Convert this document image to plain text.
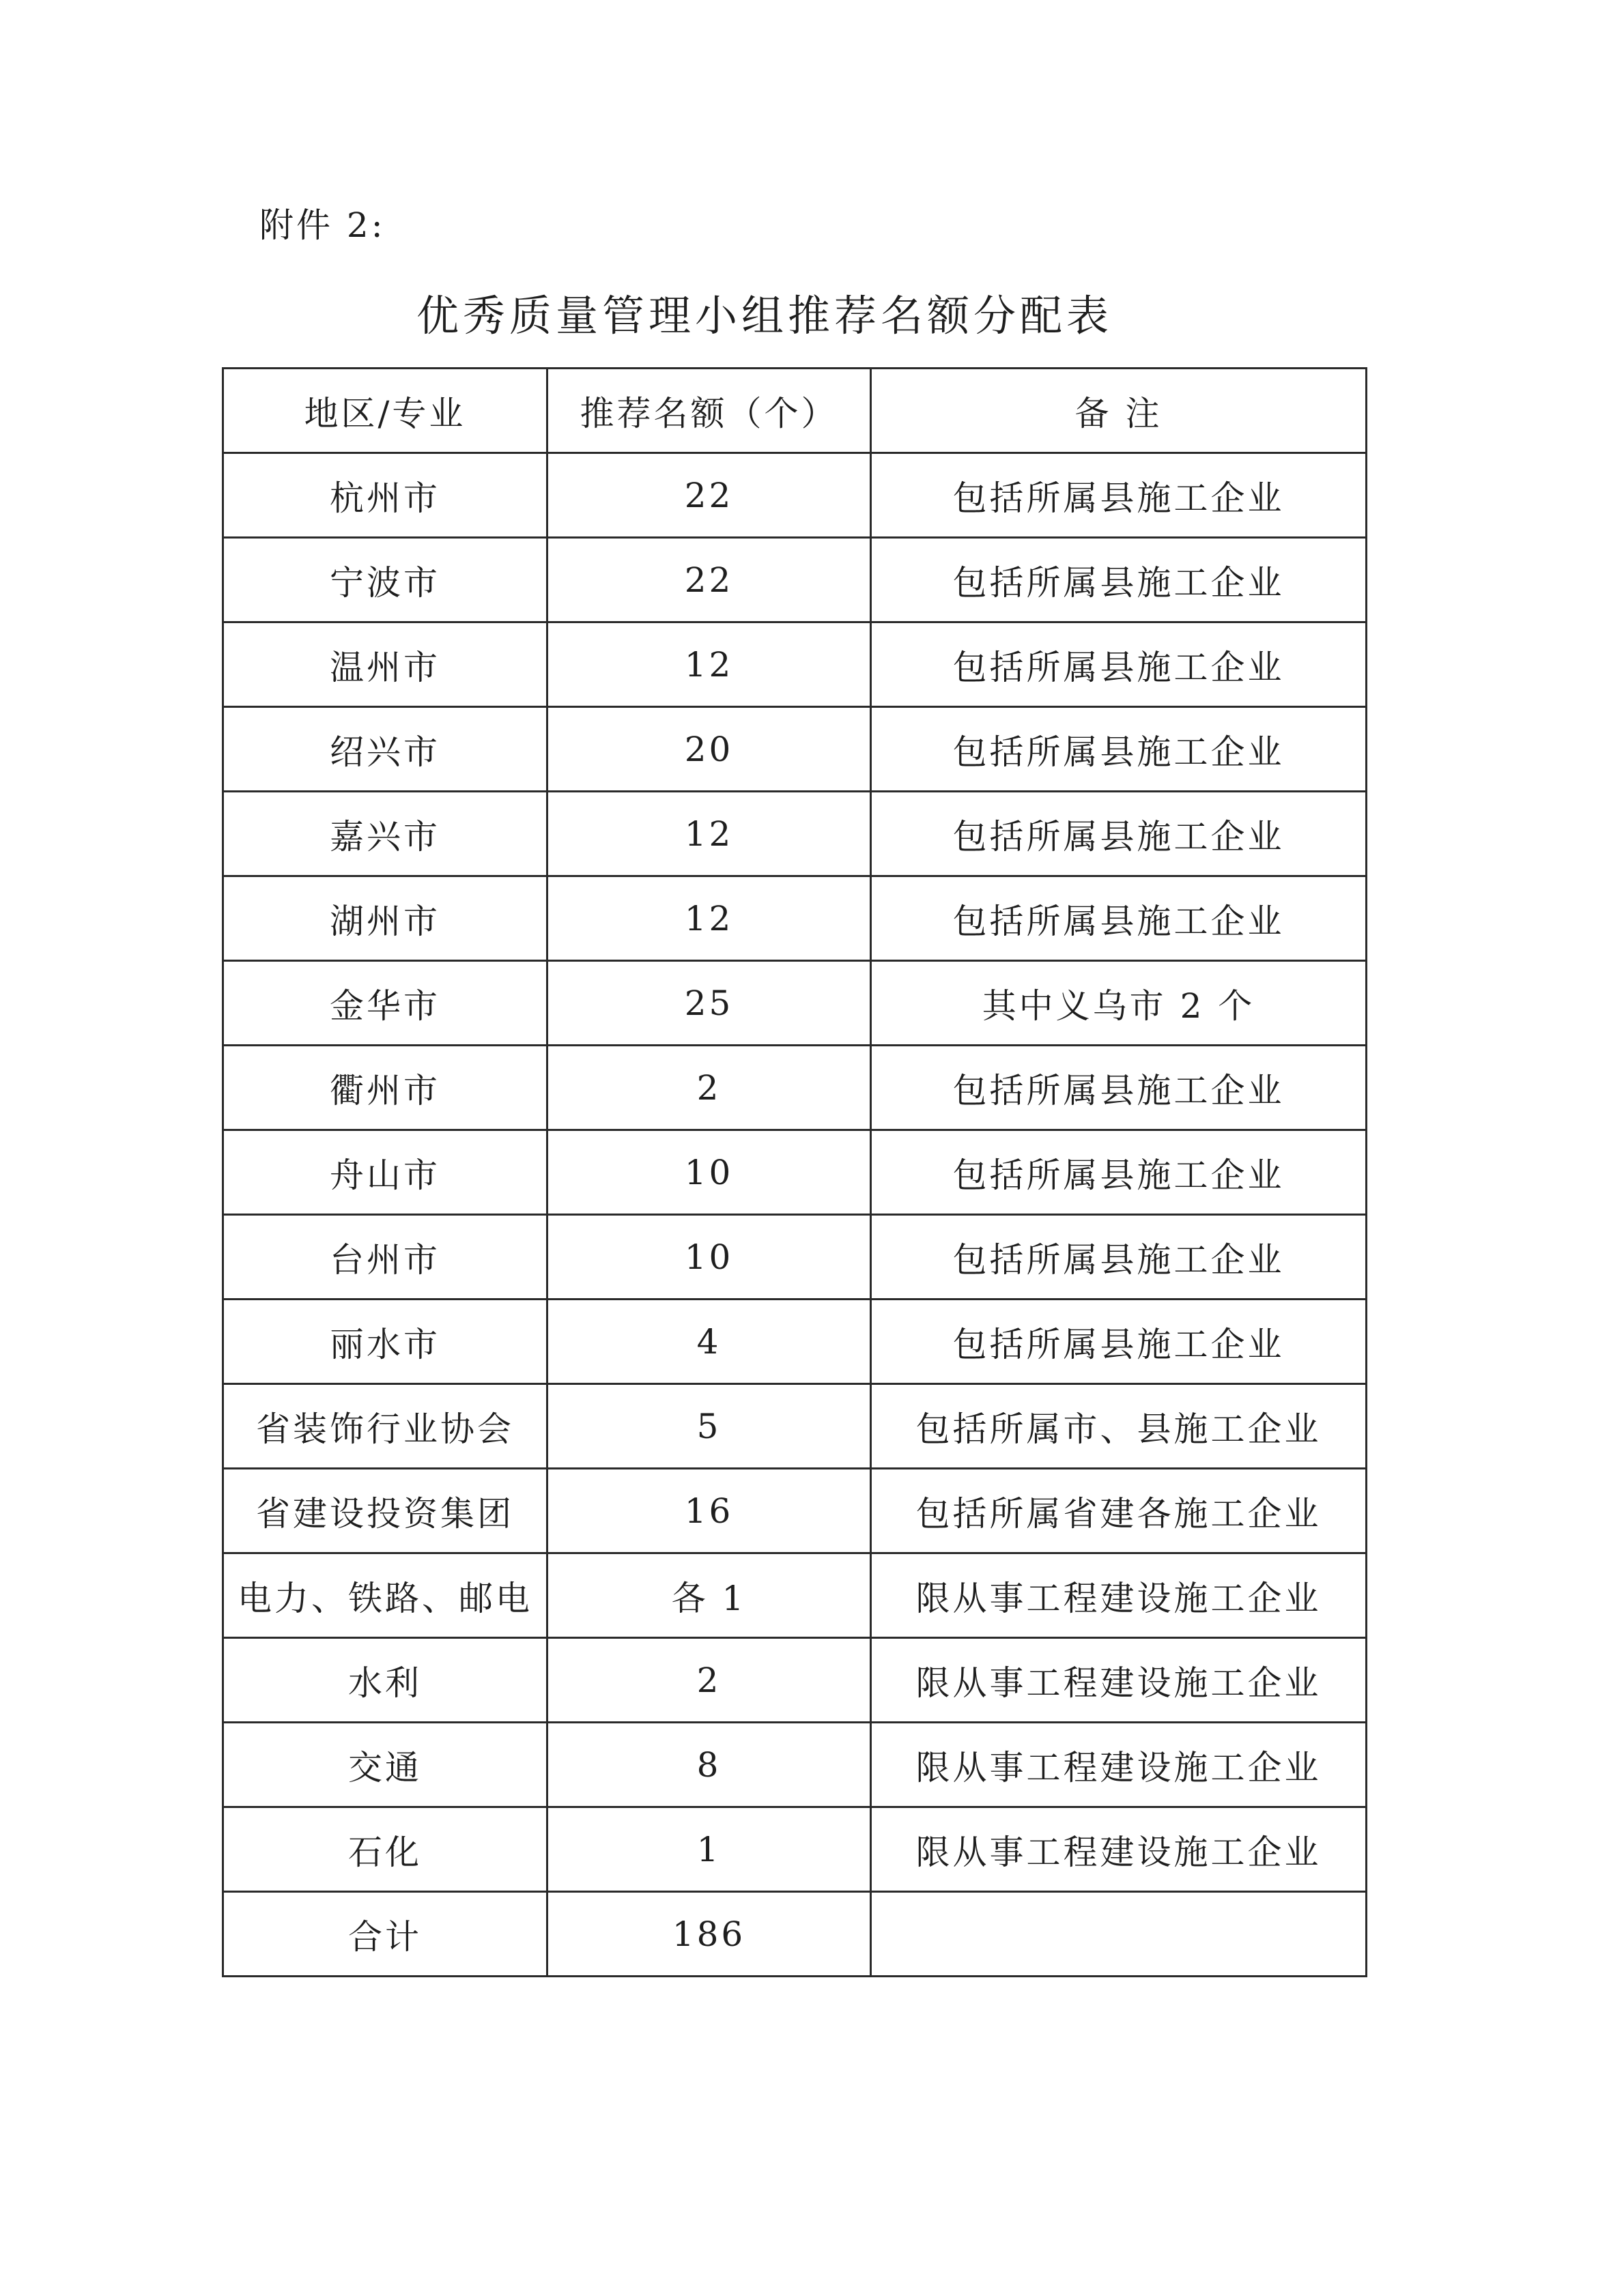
附件 2:
优秀质量管理小组推荐名额分配表
地区/专业	推荐名额（个）	备 注
杭州市	22	包括所属县施工企业
宁波市	22	包括所属县施工企业
温州市	12	包括所属县施工企业
绍兴市	20	包括所属县施工企业
嘉兴市	12	包括所属县施工企业
湖州市	12	包括所属县施工企业
金华市	25	其中义乌市 2 个
衢州市	2	包括所属县施工企业
舟山市	10	包括所属县施工企业
台州市	10	包括所属县施工企业
丽水市	4	包括所属县施工企业
省装饰行业协会	5	包括所属市、县施工企业
省建设投资集团	16	包括所属省建各施工企业
电力、铁路、邮电	各 1	限从事工程建设施工企业
水利	2	限从事工程建设施工企业
交通	8	限从事工程建设施工企业
石化	1	限从事工程建设施工企业
合计	186	
